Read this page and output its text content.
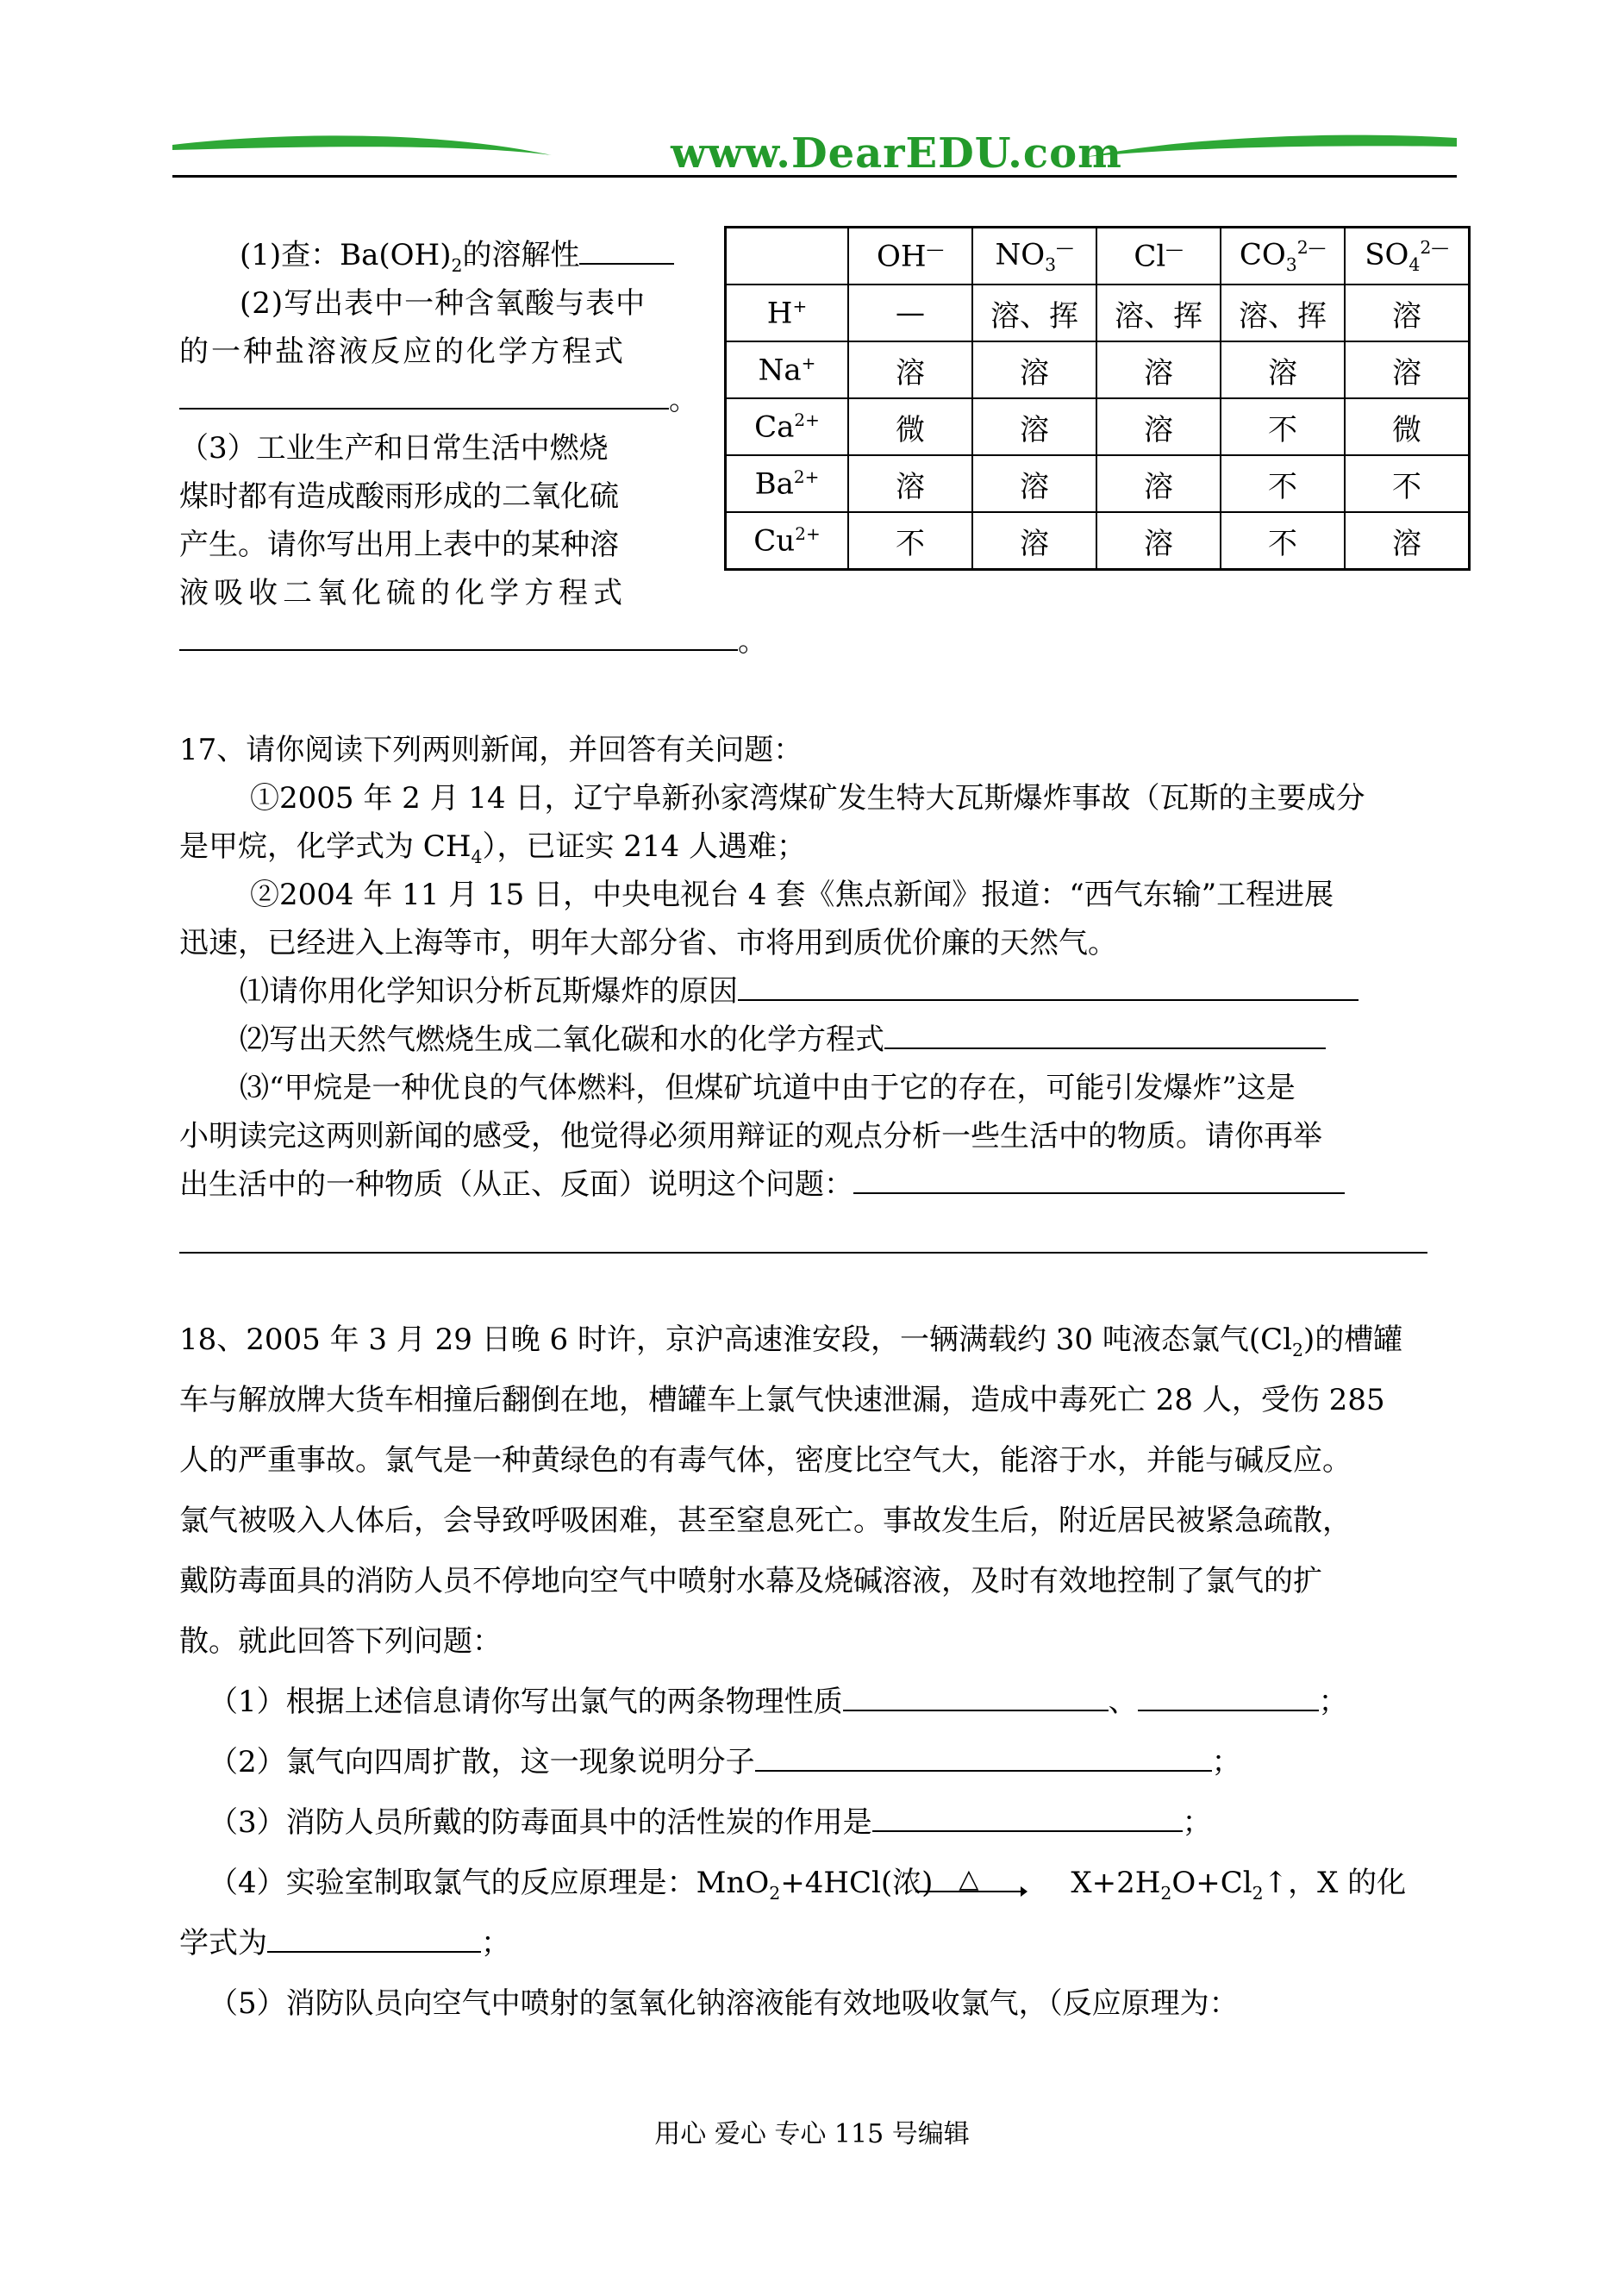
www.DearEDU.com
(1)查：$Ba(OH)_2$的溶解性
(2)写出表中一种含氧酸与表中
的一种盐溶液反应的化学方程式
。
（3）工业生产和日常生活中燃烧
煤时都有造成酸雨形成的二氧化硫
产生。请你写出用上表中的某种溶
液吸收二氧化硫的化学方程式
。
	OH—	$NO_3^—$	Cl—	$CO_3^{2—}$	$SO_4^{2—}$
H+	—	溶、挥	溶、挥	溶、挥	溶
Na+	溶	溶	溶	溶	溶
$Ca^{2+}$	微	溶	溶	不	微
$Ba^{2+}$	溶	溶	溶	不	不
$Cu^{2+}$	不	溶	溶	不	溶
17、请你阅读下列两则新闻，并回答有关问题：
①2005 年 2 月 14 日，辽宁阜新孙家湾煤矿发生特大瓦斯爆炸事故（瓦斯的主要成分
是甲烷，化学式为 $CH_4$），已证实 214 人遇难；
②2004 年 11 月 15 日，中央电视台 4 套《焦点新闻》报道：“西气东输”工程进展
迅速，已经进入上海等市，明年大部分省、市将用到质优价廉的天然气。
⑴请你用化学知识分析瓦斯爆炸的原因
⑵写出天然气燃烧生成二氧化碳和水的化学方程式
⑶“甲烷是一种优良的气体燃料，但煤矿坑道中由于它的存在，可能引发爆炸”这是
小明读完这两则新闻的感受，他觉得必须用辩证的观点分析一些生活中的物质。请你再举
出生活中的一种物质（从正、反面）说明这个问题：
18、2005 年 3 月 29 日晚 6 时许，京沪高速淮安段，一辆满载约 30 吨液态氯气$(Cl_2)$的槽罐
车与解放牌大货车相撞后翻倒在地，槽罐车上氯气快速泄漏，造成中毒死亡 28 人，受伤 285
人的严重事故。氯气是一种黄绿色的有毒气体，密度比空气大，能溶于水，并能与碱反应。
氯气被吸入人体后，会导致呼吸困难，甚至窒息死亡。事故发生后，附近居民被紧急疏散，
戴防毒面具的消防人员不停地向空气中喷射水幕及烧碱溶液，及时有效地控制了氯气的扩
散。就此回答下列问题：
（1）根据上述信息请你写出氯气的两条物理性质	、	；
（2）氯气向四周扩散，这一现象说明分子	；
（3）消防人员所戴的防毒面具中的活性炭的作用是	；
（4）实验室制取氯气的反应原理是：MnO$_2$+4HCl(浓) △	$X+2H_2O+Cl_2↑$，X 的化
学式为	；
（5）消防队员向空气中喷射的氢氧化钠溶液能有效地吸收氯气，（反应原理为：
用心 爱心 专心 115 号编辑
